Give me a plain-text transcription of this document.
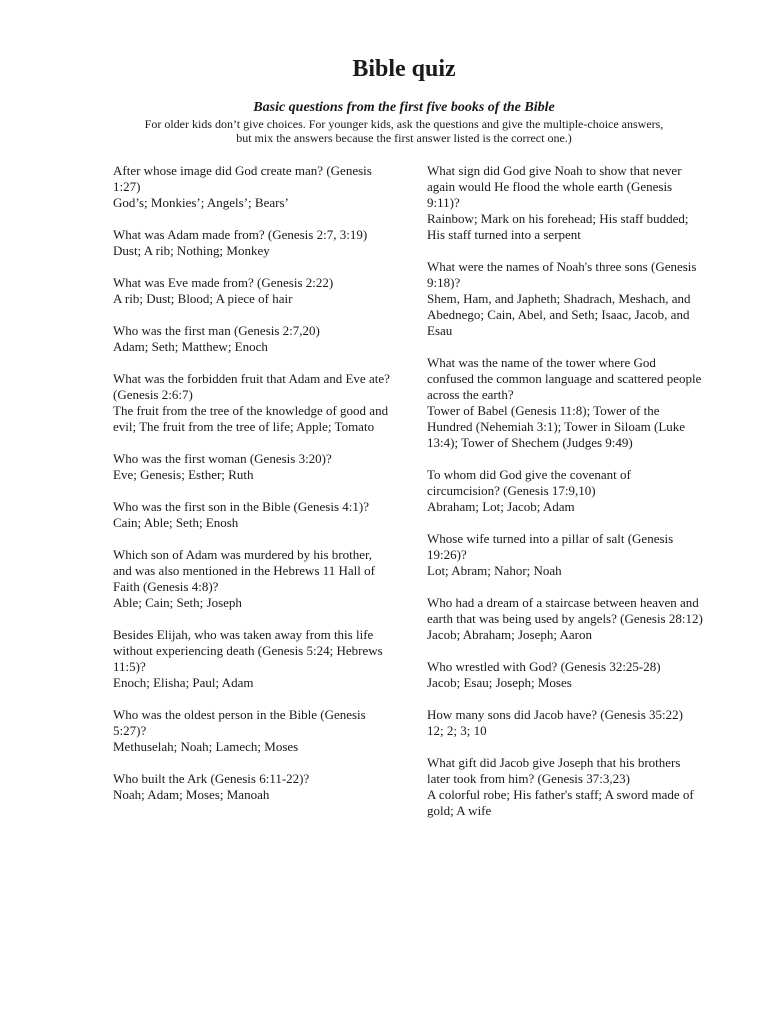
Bible quiz
Basic questions from the first five books of the Bible

For older kids don’t give choices. For younger kids, ask the questions and give the multiple-choice answers,
but mix the answers because the first answer listed is the correct one.)

After whose image did God create man? (Genesis 1:27)

God’s; Monkies’; Angels’; Bears’

What was Adam made from? (Genesis 2:7, 3:19)

Dust; A rib; Nothing; Monkey

What was Eve made from? (Genesis 2:22)

A rib; Dust; Blood; A piece of hair

Who was the first man (Genesis 2:7,20)

Adam; Seth; Matthew; Enoch

What was the forbidden fruit that Adam and Eve ate? (Genesis 2:6:7)

The fruit from the tree of the knowledge of good and evil; The fruit from the tree of life; Apple; Tomato

Who was the first woman (Genesis 3:20)?

Eve; Genesis; Esther; Ruth

Who was the first son in the Bible (Genesis 4:1)?

Cain; Able; Seth; Enosh

Which son of Adam was murdered by his brother, and was also mentioned in the Hebrews 11 Hall of Faith (Genesis 4:8)?

Able; Cain; Seth; Joseph

Besides Elijah, who was taken away from this life without experiencing death (Genesis 5:24; Hebrews 11:5)?

Enoch; Elisha; Paul; Adam

Who was the oldest person in the Bible (Genesis 5:27)?

Methuselah; Noah; Lamech; Moses

Who built the Ark (Genesis 6:11-22)?

Noah; Adam; Moses; Manoah

What sign did God give Noah to show that never again would He flood the whole earth (Genesis 9:11)?

Rainbow; Mark on his forehead; His staff budded; His staff turned into a serpent

What were the names of Noah's three sons (Genesis 9:18)?

Shem, Ham, and Japheth; Shadrach, Meshach, and Abednego; Cain, Abel, and Seth; Isaac, Jacob, and Esau

What was the name of the tower where God confused the common language and scattered people across the earth?

Tower of Babel (Genesis 11:8); Tower of the Hundred (Nehemiah 3:1); Tower in Siloam (Luke 13:4); Tower of Shechem (Judges 9:49)

To whom did God give the covenant of circumcision? (Genesis 17:9,10)

Abraham; Lot; Jacob; Adam

Whose wife turned into a pillar of salt (Genesis 19:26)?

Lot; Abram; Nahor; Noah

Who had a dream of a staircase between heaven and earth that was being used by angels? (Genesis 28:12)

Jacob; Abraham; Joseph; Aaron

Who wrestled with God? (Genesis 32:25-28)

Jacob; Esau; Joseph; Moses

How many sons did Jacob have? (Genesis 35:22)

12; 2; 3; 10

What gift did Jacob give Joseph that his brothers later took from him? (Genesis 37:3,23)

A colorful robe; His father's staff; A sword made of gold; A wife
